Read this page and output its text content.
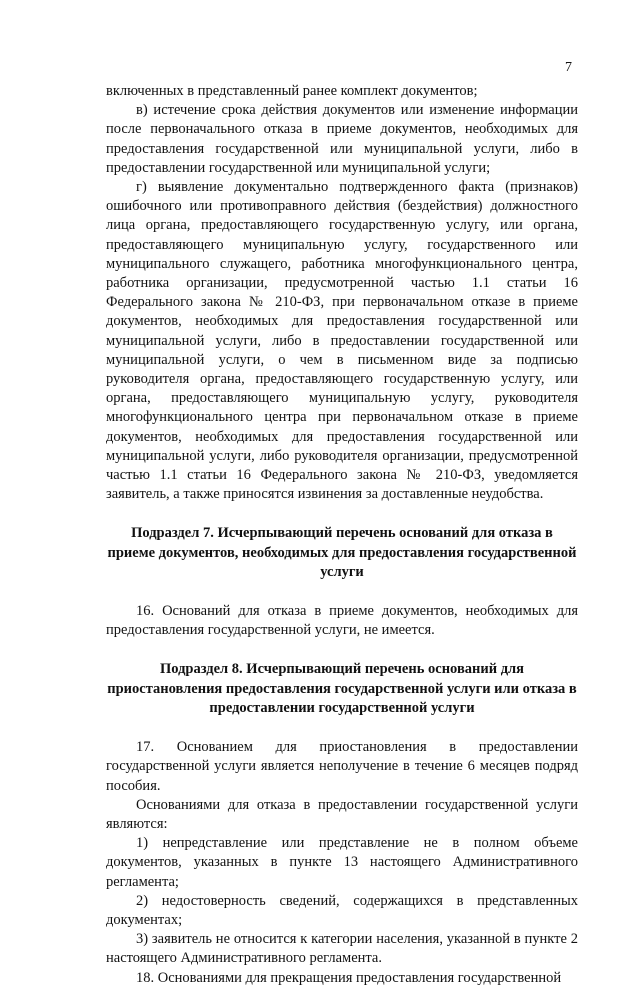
7

включенных в представленный ранее комплект документов;

в) истечение срока действия документов или изменение информации после первоначального отказа в приеме документов, необходимых для предоставления государственной или муниципальной услуги, либо в предоставлении государственной или муниципальной услуги;

г) выявление документально подтвержденного факта (признаков) ошибочного или противоправного действия (бездействия) должностного лица органа, предоставляющего государственную услугу, или органа, предоставляющего муниципальную услугу, государственного или муниципального служащего, работника многофункционального центра, работника организации, предусмотренной частью 1.1 статьи 16 Федерального закона № 210-ФЗ, при первоначальном отказе в приеме документов, необходимых для предоставления государственной или муниципальной услуги, либо в предоставлении государственной или муниципальной услуги, о чем в письменном виде за подписью руководителя органа, предоставляющего государственную услугу, или органа, предоставляющего муниципальную услугу, руководителя многофункционального центра при первоначальном отказе в приеме документов, необходимых для предоставления государственной или муниципальной услуги, либо руководителя организации, предусмотренной частью 1.1 статьи 16 Федерального закона № 210-ФЗ, уведомляется заявитель, а также приносятся извинения за доставленные неудобства.

Подраздел 7. Исчерпывающий перечень оснований для отказа в приеме документов, необходимых для предоставления государственной услуги

16. Оснований для отказа в приеме документов, необходимых для предоставления государственной услуги, не имеется.

Подраздел 8. Исчерпывающий перечень оснований для приостановления предоставления государственной услуги или отказа в предоставлении государственной услуги

17. Основанием для приостановления в предоставлении государственной услуги является неполучение в течение 6 месяцев подряд пособия.

Основаниями для отказа в предоставлении государственной услуги являются:

1) непредставление или представление не в полном объеме документов, указанных в пункте 13 настоящего Административного регламента;

2) недостоверность сведений, содержащихся в представленных документах;

3) заявитель не относится к категории населения, указанной в пункте 2 настоящего Административного регламента.

18. Основаниями для прекращения предоставления государственной
